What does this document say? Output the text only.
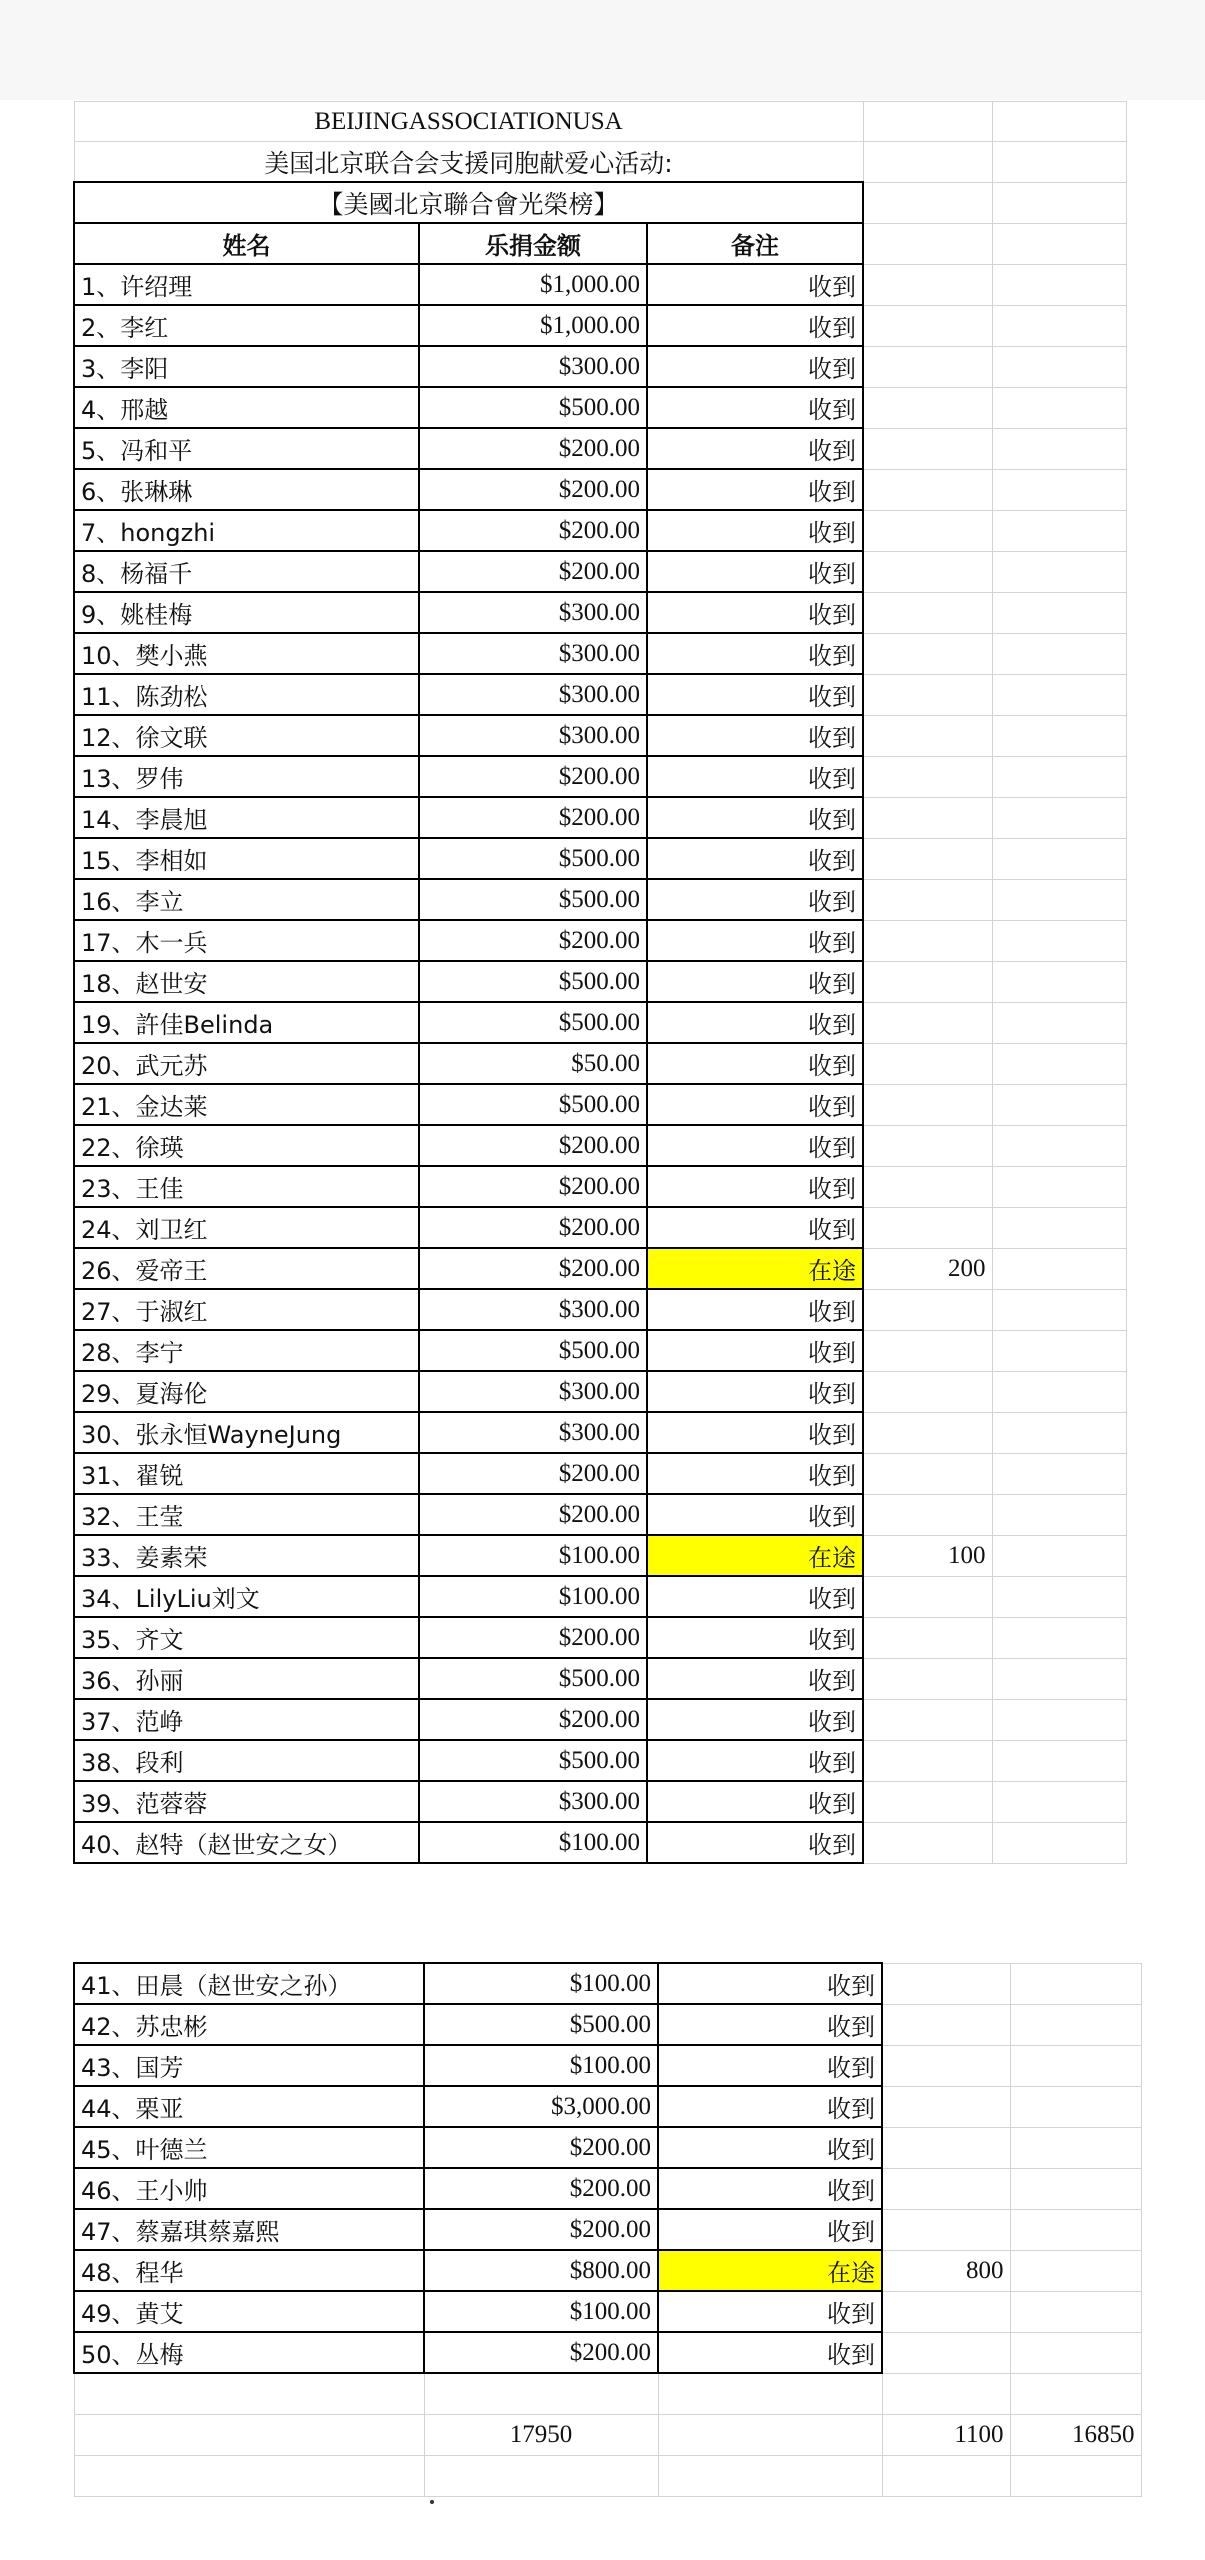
BEIJINGASSOCIATIONUSA				
美国北京联合会支援同胞献爱心活动:				
【美國北京聯合會光榮榜】				
姓名	乐捐金额	备注		
1、许绍理	$1,000.00	收到		
2、李红	$1,000.00	收到		
3、李阳	$300.00	收到		
4、邢越	$500.00	收到		
5、冯和平	$200.00	收到		
6、张琳琳	$200.00	收到		
7、hongzhi	$200.00	收到		
8、杨福千	$200.00	收到		
9、姚桂梅	$300.00	收到		
10、樊小燕	$300.00	收到		
11、陈劲松	$300.00	收到		
12、徐文联	$300.00	收到		
13、罗伟	$200.00	收到		
14、李晨旭	$200.00	收到		
15、李相如	$500.00	收到		
16、李立	$500.00	收到		
17、木一兵	$200.00	收到		
18、赵世安	$500.00	收到		
19、許佳Belinda	$500.00	收到		
20、武元苏	$50.00	收到		
21、金达莱	$500.00	收到		
22、徐瑛	$200.00	收到		
23、王佳	$200.00	收到		
24、刘卫红	$200.00	收到		
26、爱帝王	$200.00	在途	200	
27、于淑红	$300.00	收到		
28、李宁	$500.00	收到		
29、夏海伦	$300.00	收到		
30、张永恒WayneJung	$300.00	收到		
31、翟锐	$200.00	收到		
32、王莹	$200.00	收到		
33、姜素荣	$100.00	在途	100	
34、LilyLiu刘文	$100.00	收到		
35、齐文	$200.00	收到		
36、孙丽	$500.00	收到		
37、范峥	$200.00	收到		
38、段利	$500.00	收到		
39、范蓉蓉	$300.00	收到		
40、赵特（赵世安之女）	$100.00	收到		
41、田晨（赵世安之孙）	$100.00	收到		
42、苏忠彬	$500.00	收到		
43、国芳	$100.00	收到		
44、栗亚	$3,000.00	收到		
45、叶德兰	$200.00	收到		
46、王小帅	$200.00	收到		
47、蔡嘉琪蔡嘉熙	$200.00	收到		
48、程华	$800.00	在途	800	
49、黄艾	$100.00	收到		
50、丛梅	$200.00	收到		

	17950		1100	16850
